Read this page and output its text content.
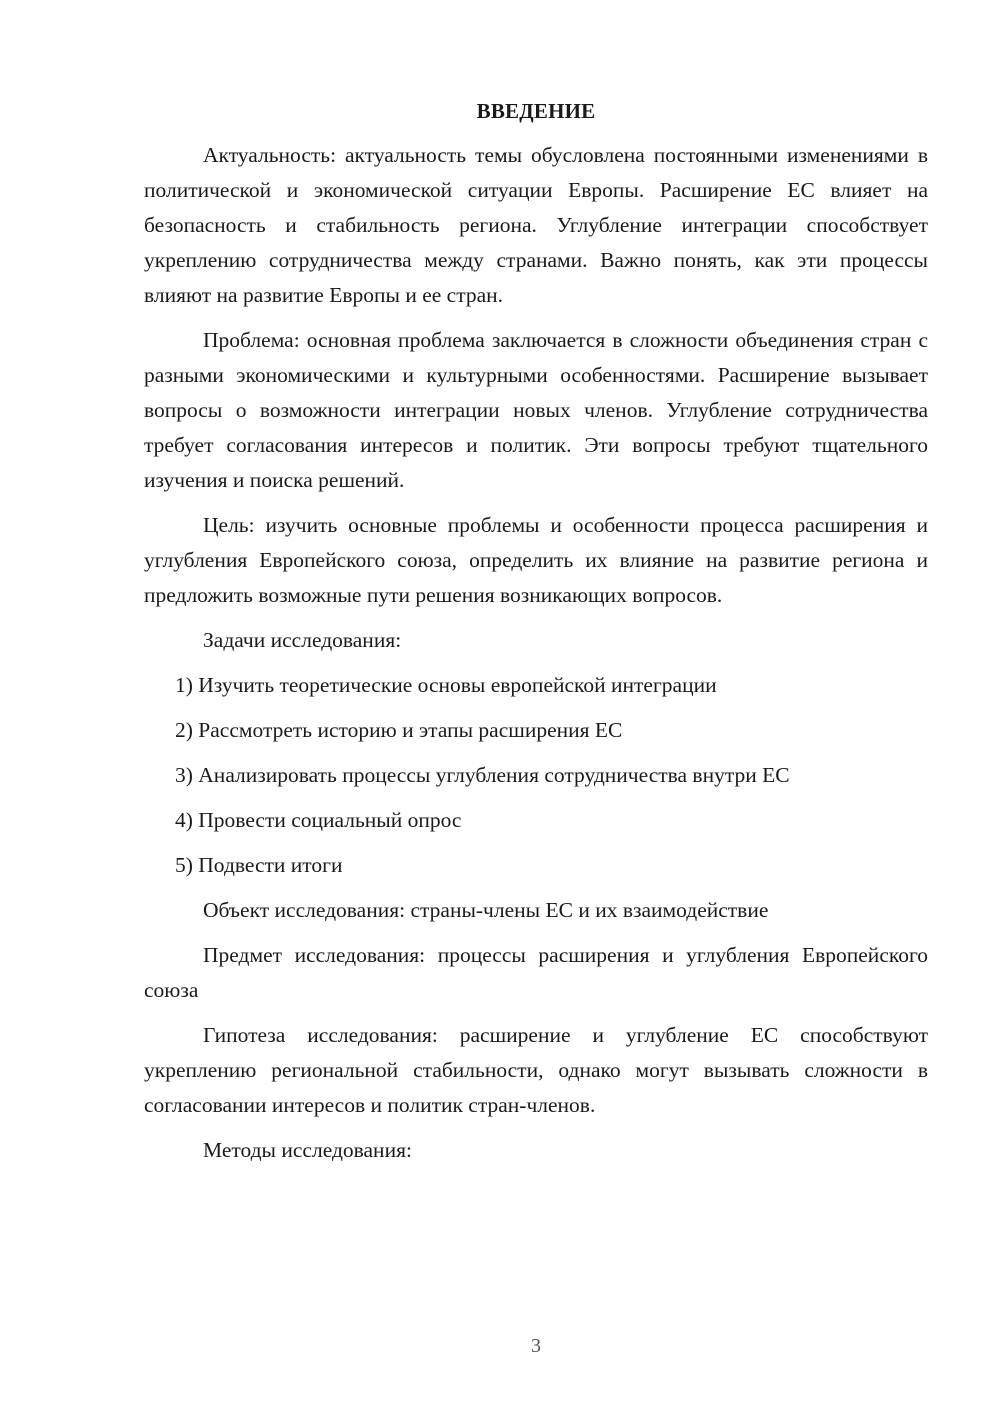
ВВЕДЕНИЕ

Актуальность: актуальность темы обусловлена постоянными изменениями в политической и экономической ситуации Европы. Расширение ЕС влияет на безопасность и стабильность региона. Углубление интеграции способствует укреплению сотрудничества между странами. Важно понять, как эти процессы влияют на развитие Европы и ее стран.

Проблема: основная проблема заключается в сложности объединения стран с разными экономическими и культурными особенностями. Расширение вызывает вопросы о возможности интеграции новых членов. Углубление сотрудничества требует согласования интересов и политик. Эти вопросы требуют тщательного изучения и поиска решений.

Цель: изучить основные проблемы и особенности процесса расширения и углубления Европейского союза, определить их влияние на развитие региона и предложить возможные пути решения возникающих вопросов.

Задачи исследования:

1) Изучить теоретические основы европейской интеграции
2) Рассмотреть историю и этапы расширения ЕС
3) Анализировать процессы углубления сотрудничества внутри ЕС
4) Провести социальный опрос
5) Подвести итоги

Объект исследования: страны-члены ЕС и их взаимодействие

Предмет исследования: процессы расширения и углубления Европейского союза

Гипотеза исследования: расширение и углубление ЕС способствуют укреплению региональной стабильности, однако могут вызывать сложности в согласовании интересов и политик стран-членов.

Методы исследования:

3
